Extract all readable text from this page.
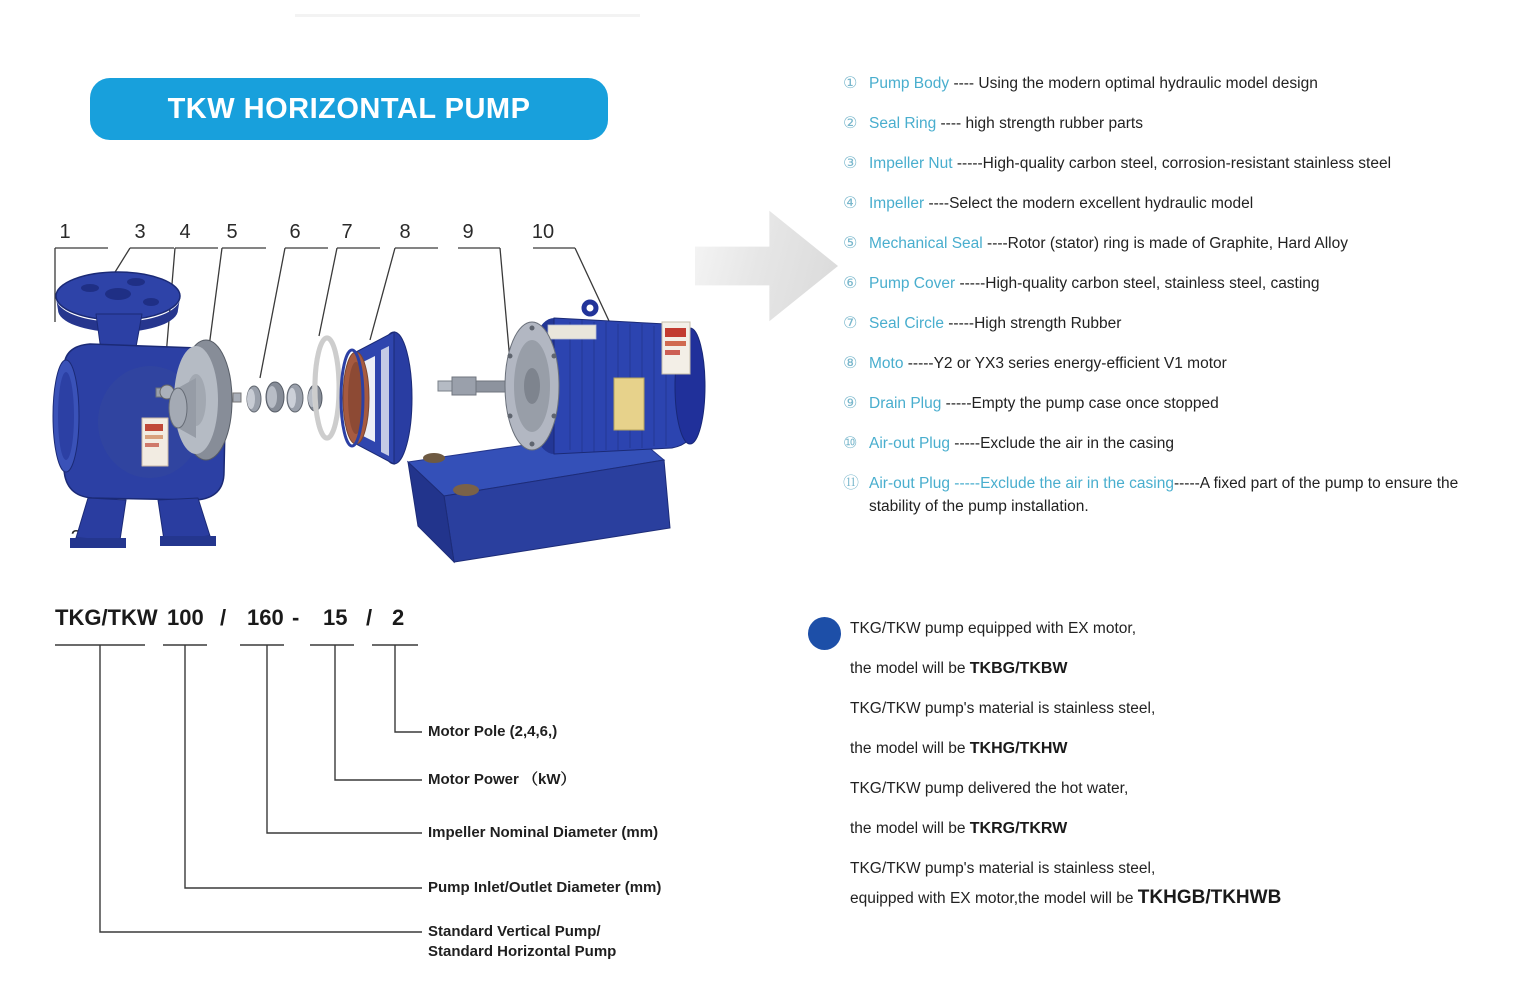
TKW HORIZONTAL PUMP
1	3 4 5	6 7 8	9	10
① Pump Body ---- Using the modern optimal hydraulic model design
② Seal Ring ---- high strength rubber parts
③ Impeller Nut -----High-quality carbon steel, corrosion-resistant stainless steel
④ Impeller ----Select the modern excellent hydraulic model
⑤ Mechanical Seal ----Rotor (stator) ring is made of Graphite, Hard Alloy
⑥ Pump Cover -----High-quality carbon steel, stainless steel, casting
⑦ Seal Circle -----High strength Rubber
⑧ Moto -----Y2 or YX3 series energy-efficient V1 motor
⑨ Drain Plug -----Empty the pump case once stopped
⑩ Air-out Plug -----Exclude the air in the casing
⑪ Air-out Plug -----Exclude the air in the casing-----A fixed part of the pump to ensure the stability of the pump installation.
TKG/TKW 100 / 160 - 15 / 2
Motor Pole (2,4,6,)
Motor Power （kW）
Impeller Nominal Diameter (mm)
Pump Inlet/Outlet Diameter (mm)
Standard Vertical Pump/
Standard Horizontal Pump

TKG/TKW pump equipped with EX motor,

the model will be TKBG/TKBW

TKG/TKW pump's material is stainless steel,

the model will be TKHG/TKHW

TKG/TKW pump delivered the hot water,

the model will be TKRG/TKRW

TKG/TKW pump's material is stainless steel,

equipped with EX motor,the model will be TKHGB/TKHWB
